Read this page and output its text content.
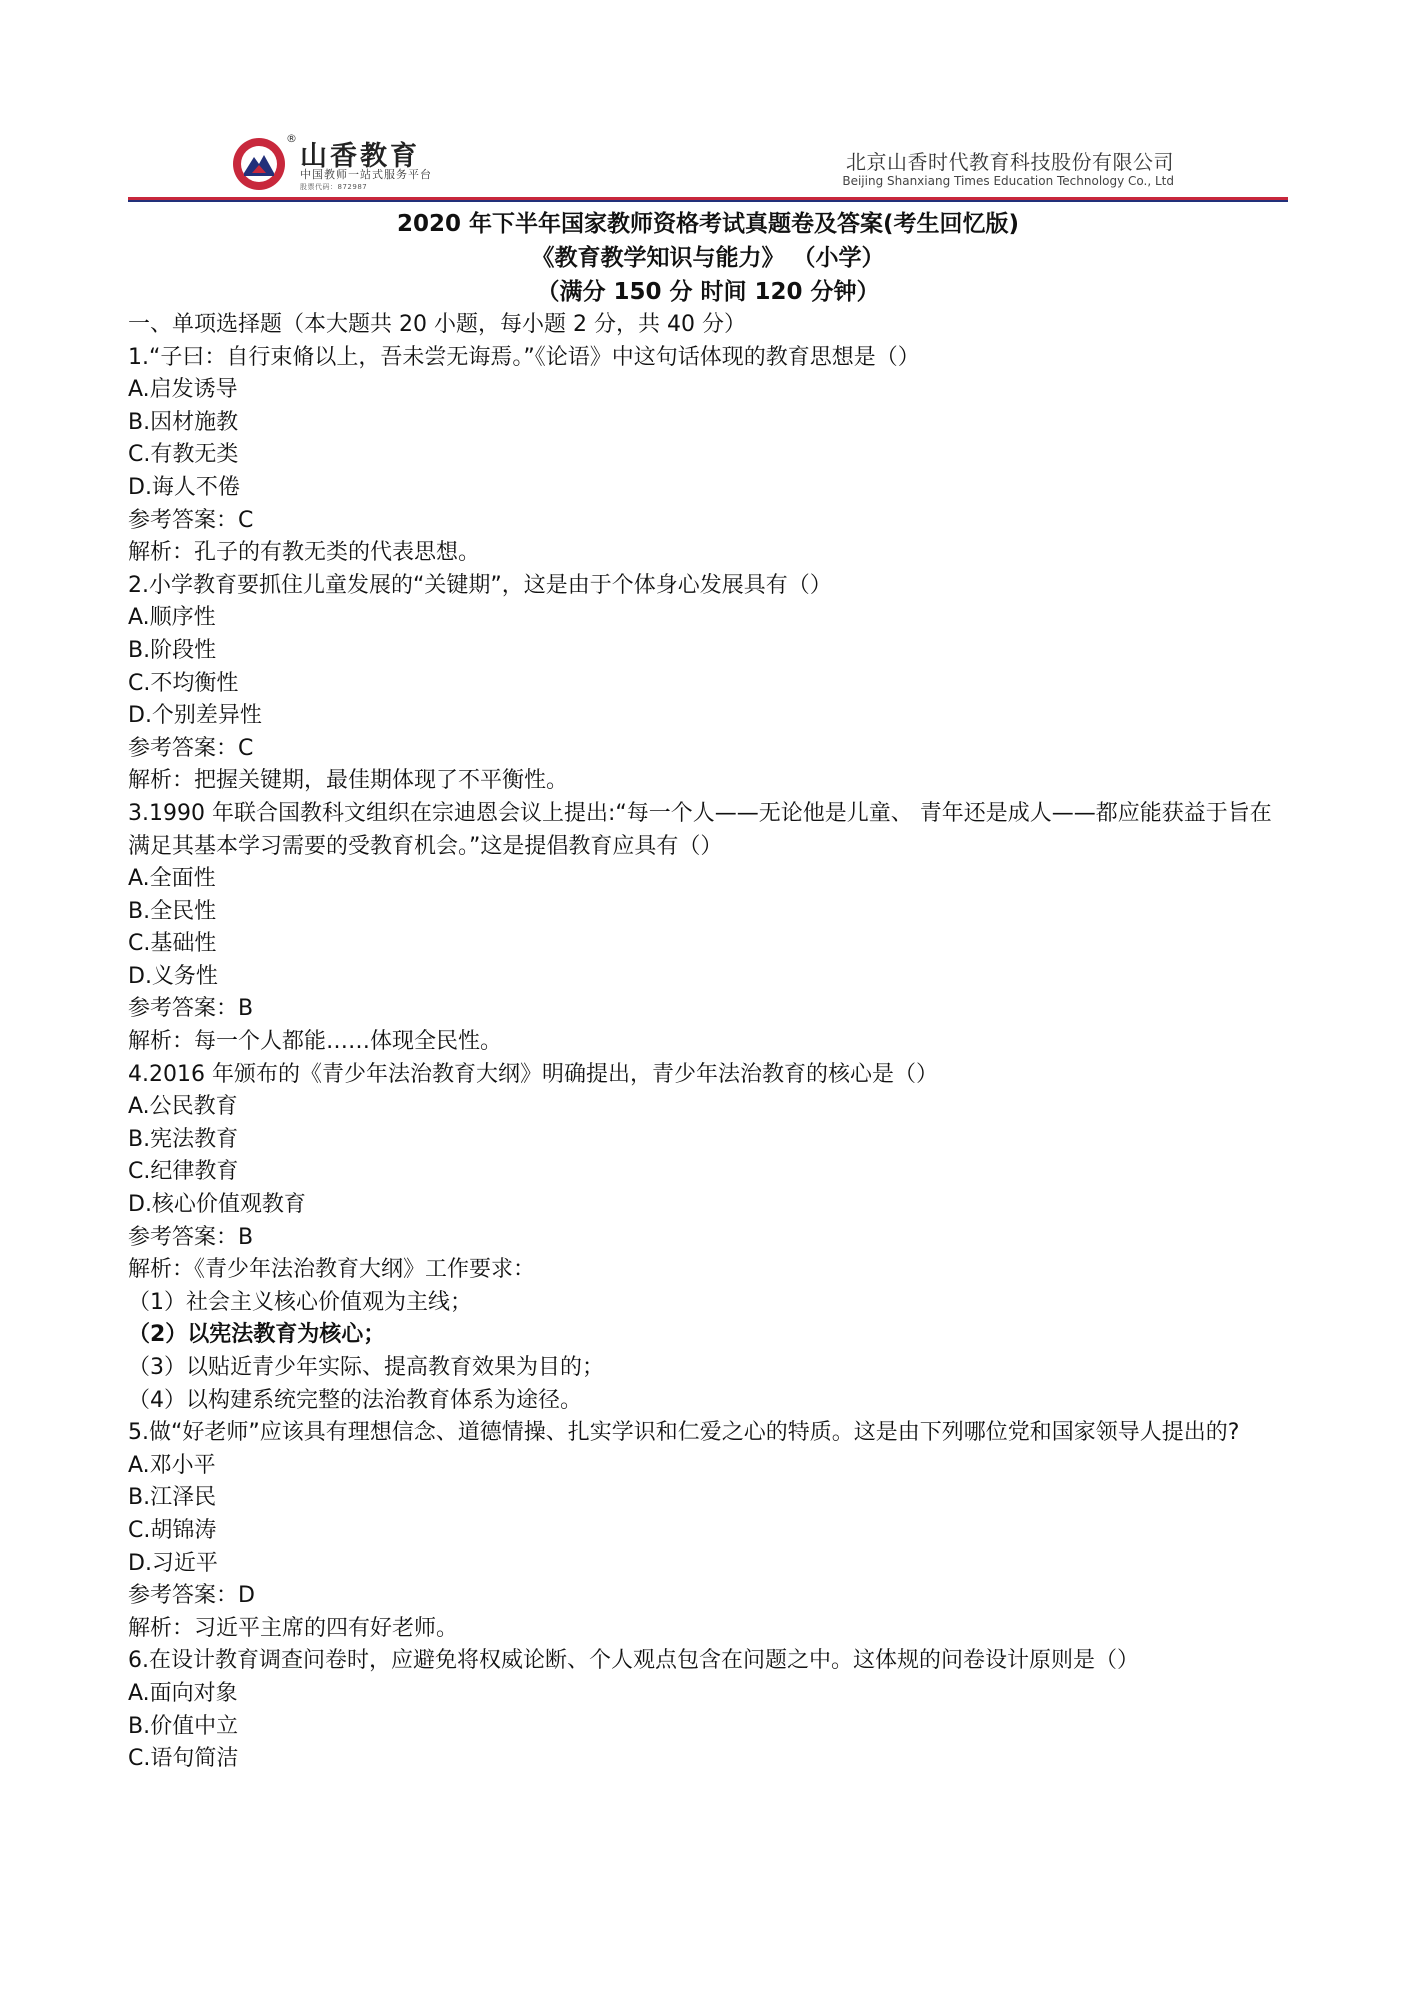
®
山香教育
中国教师一站式服务平台
股票代码：872987
北京山香时代教育科技股份有限公司
Beijing Shanxiang Times Education Technology Co., Ltd
2020 年下半年国家教师资格考试真题卷及答案(考生回忆版)
《教育教学知识与能力》 （小学）
（满分 150 分 时间 120 分钟）
一、单项选择题（本大题共 20 小题，每小题 2 分，共 40 分）
1.“子曰：自行束脩以上，吾未尝无诲焉。”《论语》中这句话体现的教育思想是（）
A.启发诱导
B.因材施教
C.有教无类
D.诲人不倦
参考答案：C
解析：孔子的有教无类的代表思想。
2.小学教育要抓住儿童发展的“关键期”，这是由于个体身心发展具有（）
A.顺序性
B.阶段性
C.不均衡性
D.个别差异性
参考答案：C
解析：把握关键期，最佳期体现了不平衡性。
3.1990 年联合国教科文组织在宗迪恩会议上提出:“每一个人——无论他是儿童、 青年还是成人——都应能获益于旨在满足其基本学习需要的受教育机会。”这是提倡教育应具有（）
A.全面性
B.全民性
C.基础性
D.义务性
参考答案：B
解析：每一个人都能……体现全民性。
4.2016 年颁布的《青少年法治教育大纲》明确提出，青少年法治教育的核心是（）
A.公民教育
B.宪法教育
C.纪律教育
D.核心价值观教育
参考答案：B
解析：《青少年法治教育大纲》工作要求：
（1）社会主义核心价值观为主线；
（2）以宪法教育为核心；
（3）以贴近青少年实际、提高教育效果为目的；
（4）以构建系统完整的法治教育体系为途径。
5.做“好老师”应该具有理想信念、道德情操、扎实学识和仁爱之心的特质。这是由下列哪位党和国家领导人提出的?
A.邓小平
B.江泽民
C.胡锦涛
D.习近平
参考答案：D
解析：习近平主席的四有好老师。
6.在设计教育调查问卷时，应避免将权威论断、个人观点包含在问题之中。这体规的问卷设计原则是（）
A.面向对象
B.价值中立
C.语句简洁
